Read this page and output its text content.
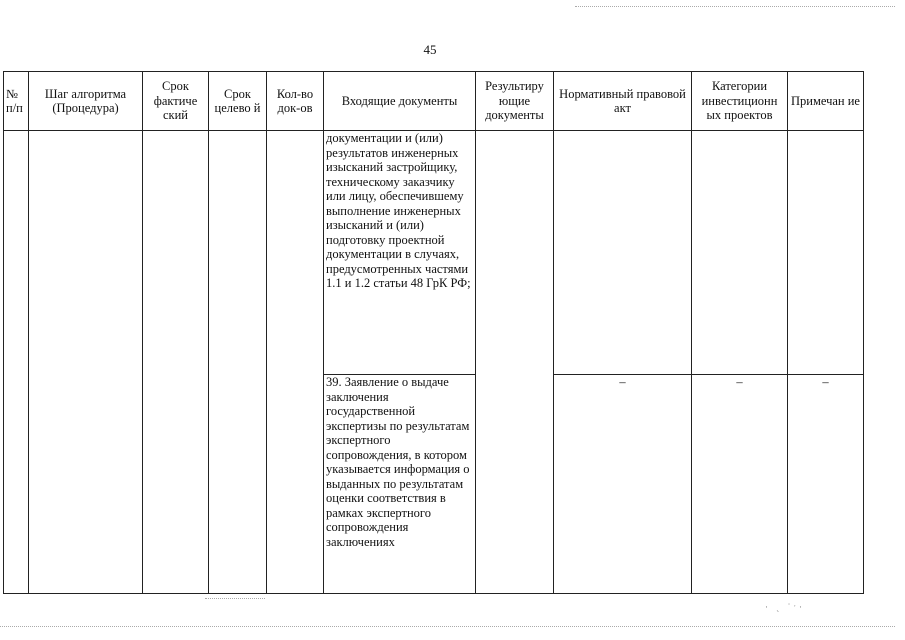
45
№ п/п	Шаг алгоритма (Процедура)	Срок фактиче ский	Срок целево й	Кол-во док-ов	Входящие документы	Результиру ющие документы	Нормативный правовой акт	Категории инвестиционн ых проектов	Примечан ие
					документации и (или) результатов инженерных изысканий застройщику, техническому заказчику или лицу, обеспечившему выполнение инженерных изысканий и (или) подготовку проектной документации в случаях, предусмотренных частями 1.1 и 1.2 статьи 48 ГрК РФ;				
					39. Заявление о выдаче заключения государственной экспертизы по результатам экспертного сопровождения, в котором указывается информация о выданных по результатам оценки соответствия в рамках экспертного сопровождения заключениях		–	–	–
· ˏ ˙ˑ·
